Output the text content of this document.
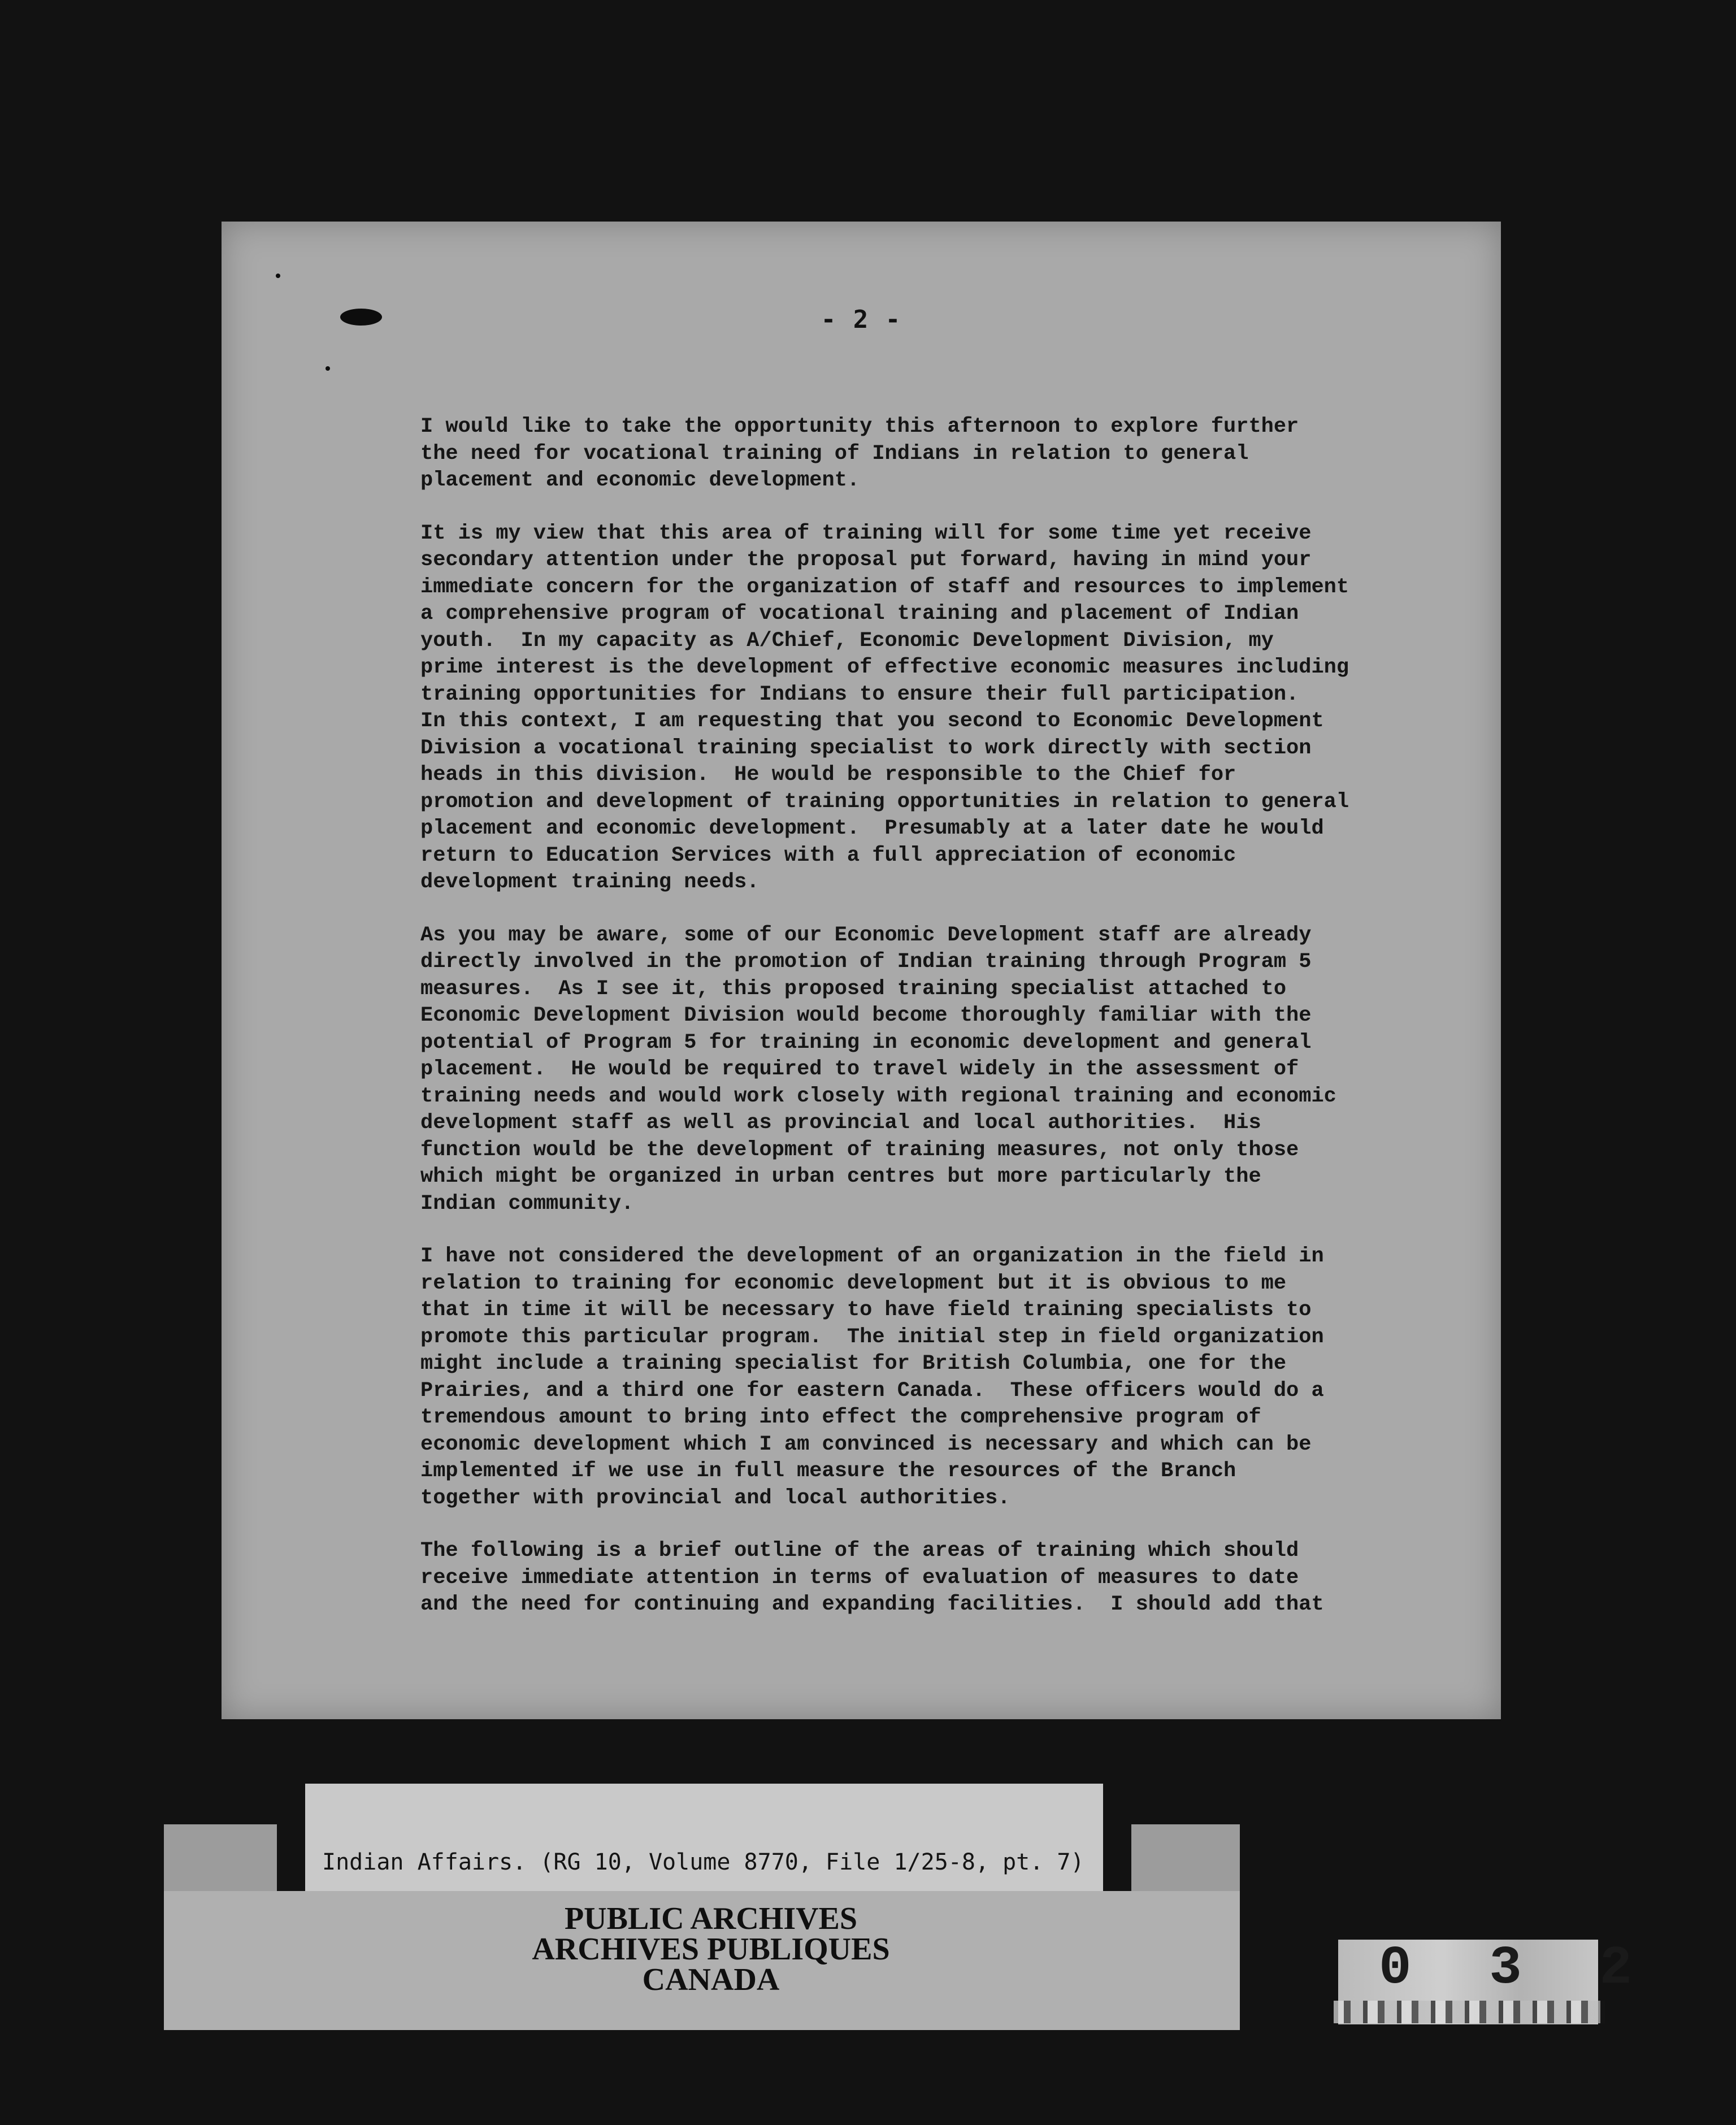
- 2 -
I would like to take the opportunity this afternoon to explore further
the need for vocational training of Indians in relation to general
placement and economic development.
It is my view that this area of training will for some time yet receive
secondary attention under the proposal put forward, having in mind your
immediate concern for the organization of staff and resources to implement
a comprehensive program of vocational training and placement of Indian
youth.  In my capacity as A/Chief, Economic Development Division, my
prime interest is the development of effective economic measures including
training opportunities for Indians to ensure their full participation.
In this context, I am requesting that you second to Economic Development
Division a vocational training specialist to work directly with section
heads in this division.  He would be responsible to the Chief for
promotion and development of training opportunities in relation to general
placement and economic development.  Presumably at a later date he would
return to Education Services with a full appreciation of economic
development training needs.
As you may be aware, some of our Economic Development staff are already
directly involved in the promotion of Indian training through Program 5
measures.  As I see it, this proposed training specialist attached to
Economic Development Division would become thoroughly familiar with the
potential of Program 5 for training in economic development and general
placement.  He would be required to travel widely in the assessment of
training needs and would work closely with regional training and economic
development staff as well as provincial and local authorities.  His
function would be the development of training measures, not only those
which might be organized in urban centres but more particularly the
Indian community.
I have not considered the development of an organization in the field in
relation to training for economic development but it is obvious to me
that in time it will be necessary to have field training specialists to
promote this particular program.  The initial step in field organization
might include a training specialist for British Columbia, one for the
Prairies, and a third one for eastern Canada.  These officers would do a
tremendous amount to bring into effect the comprehensive program of
economic development which I am convinced is necessary and which can be
implemented if we use in full measure the resources of the Branch
together with provincial and local authorities.
The following is a brief outline of the areas of training which should
receive immediate attention in terms of evaluation of measures to date
and the need for continuing and expanding facilities.  I should add that
Indian Affairs. (RG 10, Volume 8770, File 1/25-8, pt. 7)
PUBLIC ARCHIVES
ARCHIVES PUBLIQUES
CANADA	0 3 2
